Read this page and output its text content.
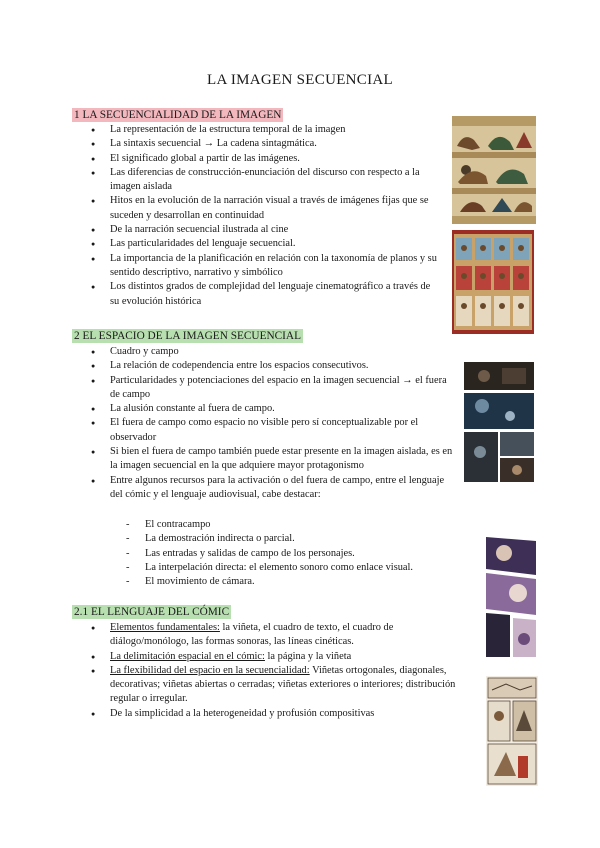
LA IMAGEN SECUENCIAL
1 LA SECUENCIALIDAD DE LA IMAGEN
● La representación de la estructura temporal de la imagen
● La sintaxis secuencial → La cadena sintagmática.
● El significado global a partir de las imágenes.
● Las diferencias de construcción-enunciación del discurso con respecto a la imagen aislada
● Hitos en la evolución de la narración visual a través de imágenes fijas que se suceden y desarrollan en continuidad
● De la narración secuencial ilustrada al cine
● Las particularidades del lenguaje secuencial.
● La importancia de la planificación en relación con la taxonomía de planos y su sentido descriptivo, narrativo y simbólico
● Los distintos grados de complejidad del lenguaje cinematográfico a través de su evolución histórica
2 EL ESPACIO DE LA IMAGEN SECUENCIAL
● Cuadro y campo
● La relación de codependencia entre los espacios consecutivos.
● Particularidades y potenciaciones del espacio en la imagen secuencial → el fuera de campo
● La alusión constante al fuera de campo.
● El fuera de campo como espacio no visible pero sí conceptualizable por el observador
● Si bien el fuera de campo también puede estar presente en la imagen aislada, es en la imagen secuencial en la que adquiere mayor protagonismo
● Entre algunos recursos para la activación o del fuera de campo, entre el lenguaje del cómic y el lenguaje audiovisual, cabe destacar:
- El contracampo
- La demostración indirecta o parcial.
- Las entradas y salidas de campo de los personajes.
- La interpelación directa: el elemento sonoro como enlace visual.
- El movimiento de cámara.
2.1 EL LENGUAJE DEL CÓMIC
● Elementos fundamentales: la viñeta, el cuadro de texto, el cuadro de diálogo/monólogo, las formas sonoras, las líneas cinéticas.
● La delimitación espacial en el cómic: la página y la viñeta
● La flexibilidad del espacio en la secuencialidad: Viñetas ortogonales, diagonales, decorativas; viñetas abiertas o cerradas; viñetas exteriores o interiores; distribución regular o irregular.
● De la simplicidad a la heterogeneidad y profusión compositivas
